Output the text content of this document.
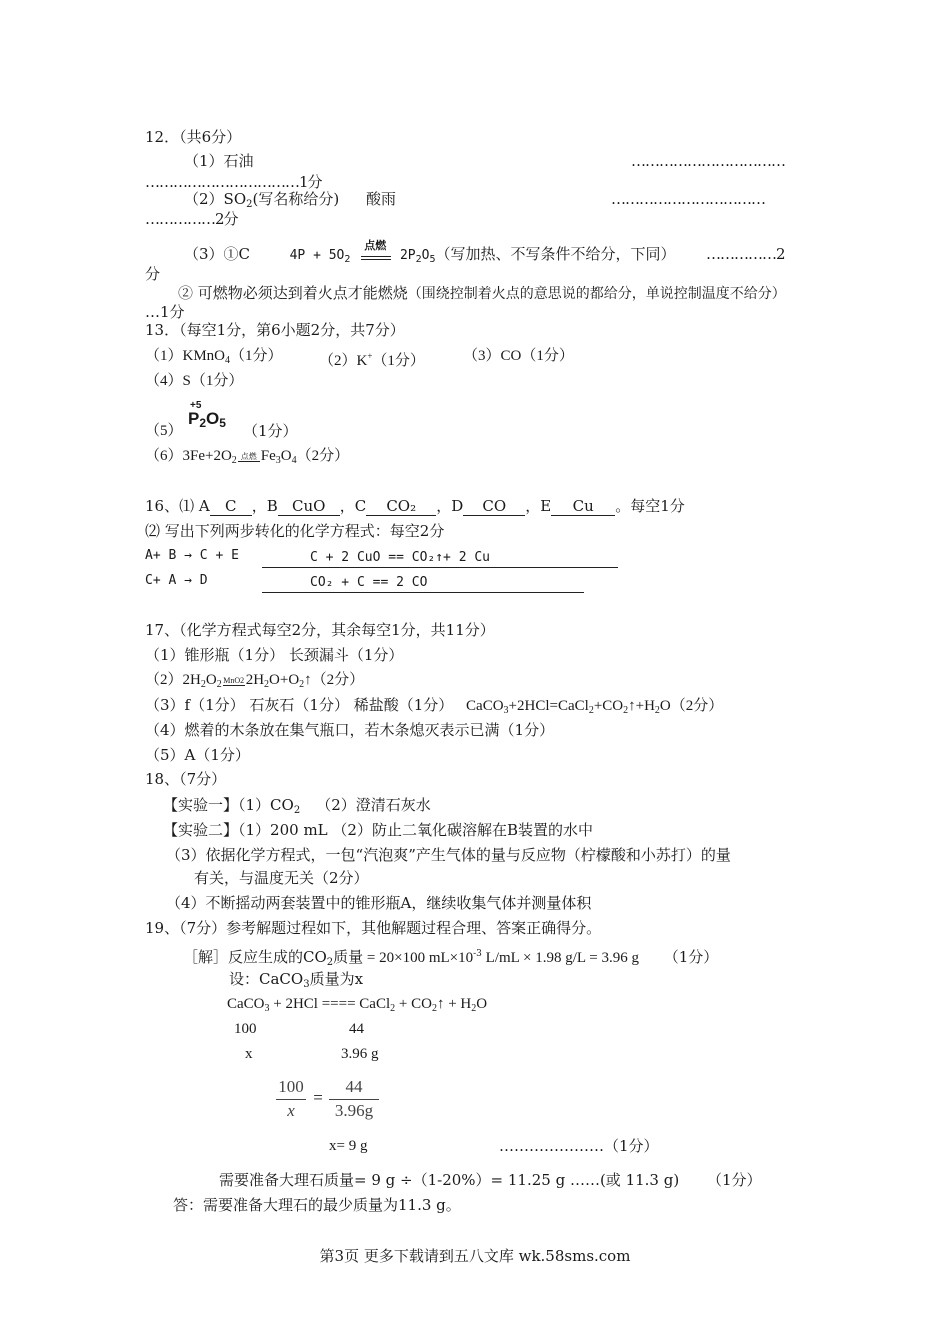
12．（共6分）
（1）石油	……………………………
……………………………1分
$(2)SO_2$(写名称给分) 酸雨	……………………………
……………2分
（3）①C	$4P + 5O_2$
点燃
$2P_2O_5$（写加热、不写条件不给分，下同） ……………2
分
② 可燃物必须达到着火点才能燃烧（围绕控制着火点的意思说的都给分，单说控制温度不给分）
…1分
13．（每空1分，第6小题2分，共7分）
（1）KMnO$_4$（1分） （2）K+（1分）	（3）CO（1分）
（4）S（1分）
（5）
+5
$P_2O_5$ （1分）
$(6)3Fe+2O_2$ 点燃 $Fe_3O_4(2$分）
16、⑴ A C ，B CuO ，C CO₂ ，D CO ，E Cu 。每空1分
⑵ 写出下列两步转化的化学方程式：每空2分
A+ B → C + E	C + 2 CuO == CO₂↑+ 2 Cu
C+ A → D	CO₂ + C == 2 CO
17、（化学方程式每空2分，其余每空1分，共11分）
（1）锥形瓶（1分） 长颈漏斗（1分）
$(2)2H_2O_2$ MnO2 $2H_2O+O_2↑(2$分）
（3）f（1分） 石灰石（1分） 稀盐酸（1分） $CaCO_3+2HCl=CaCl_2+CO_2↑+H_2O(2$分）
（4）燃着的木条放在集气瓶口，若木条熄灭表示已满（1分）
（5）A（1分）
18、（7分）
【实验一】$(1)CO_2$ （2）澄清石灰水
【实验二】（1）200 mL （2）防止二氧化碳溶解在B装置的水中
（3）依据化学方程式，一包“汽泡爽”产生气体的量与反应物（柠檬酸和小苏打）的量
有关，与温度无关（2分）
（4）不断摇动两套装置中的锥形瓶A，继续收集气体并测量体积
19、（7分）参考解题过程如下，其他解题过程合理、答案正确得分。
［解］反应生成的$CO_2$质量 = 20×100 $mL\times 10^{-3}$ L/mL × 1.98 g/L = 3.96 g （1分）
设：CaCO$_3$质量为x
CaCO$_3$ + 2HCl ==== CaCl$_2$ + $CO_2↑ + H_2O$
100	44
x	3.96 g
100
x
=
44
3.96g
x= 9 g	…………………（1分）
需要准备大理石质量= 9 g ÷（1-20%）= 11.25 g ……(或 11.3 g) （1分）
答：需要准备大理石的最少质量为11.3 g。
第3页 更多下载请到五八文库 wk.58sms.com
